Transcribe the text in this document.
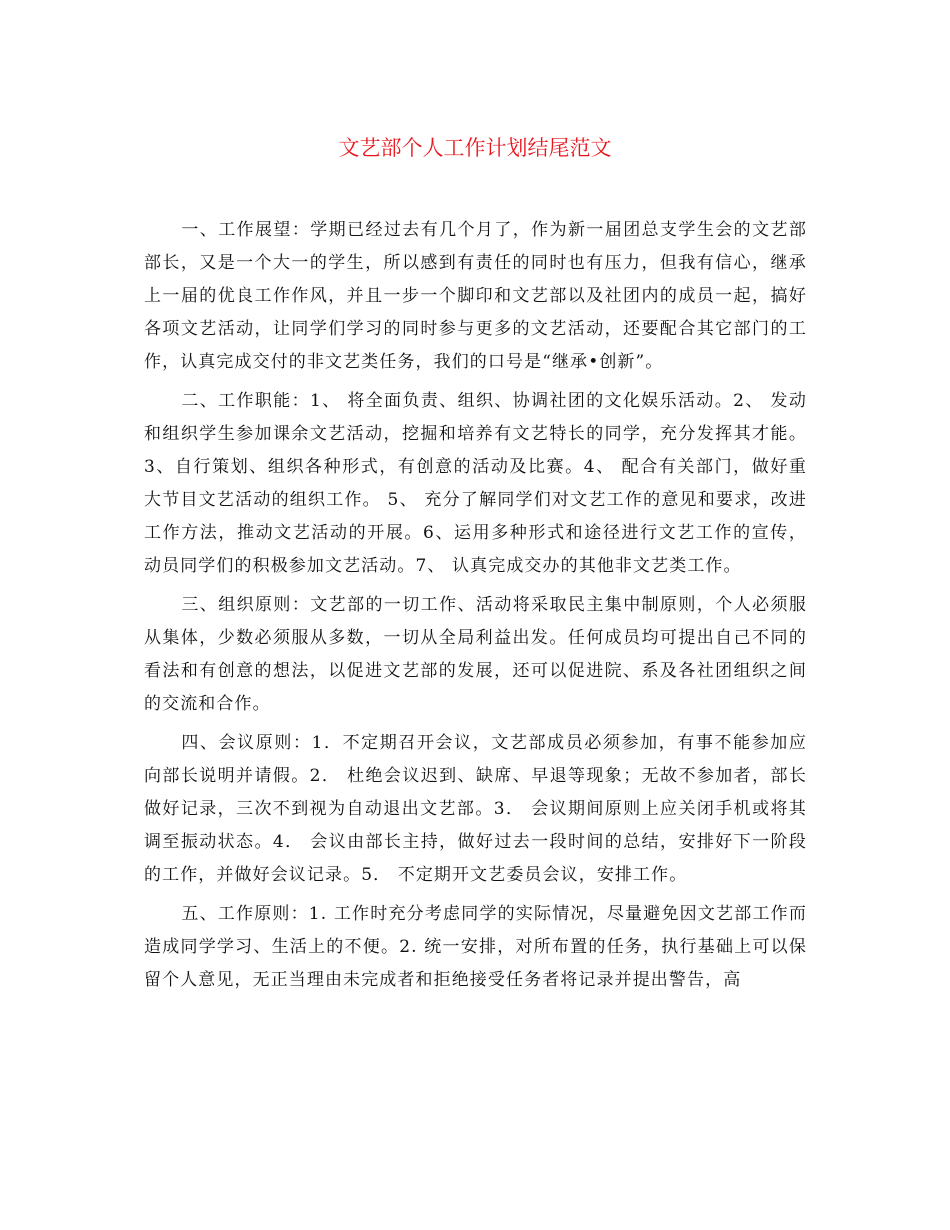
文艺部个人工作计划结尾范文

一、工作展望：学期已经过去有几个月了，作为新一届团总支学生会的文艺部部长，又是一个大一的学生，所以感到有责任的同时也有压力，但我有信心，继承上一届的优良工作作风，并且一步一个脚印和文艺部以及社团内的成员一起，搞好各项文艺活动，让同学们学习的同时参与更多的文艺活动，还要配合其它部门的工作，认真完成交付的非文艺类任务，我们的口号是“继承•创新”。

二、工作职能：1、 将全面负责、组织、协调社团的文化娱乐活动。2、 发动和组织学生参加课余文艺活动，挖掘和培养有文艺特长的同学，充分发挥其才能。3、自行策划、组织各种形式，有创意的活动及比赛。4、 配合有关部门，做好重大节目文艺活动的组织工作。 5、 充分了解同学们对文艺工作的意见和要求，改进工作方法，推动文艺活动的开展。6、运用多种形式和途径进行文艺工作的宣传，动员同学们的积极参加文艺活动。7、 认真完成交办的其他非文艺类工作。

三、组织原则：文艺部的一切工作、活动将采取民主集中制原则，个人必须服从集体，少数必须服从多数，一切从全局利益出发。任何成员均可提出自己不同的看法和有创意的想法，以促进文艺部的发展，还可以促进院、系及各社团组织之间的交流和合作。

四、会议原则：1．不定期召开会议，文艺部成员必须参加，有事不能参加应向部长说明并请假。2． 杜绝会议迟到、缺席、早退等现象；无故不参加者，部长做好记录，三次不到视为自动退出文艺部。3． 会议期间原则上应关闭手机或将其调至振动状态。4． 会议由部长主持，做好过去一段时间的总结，安排好下一阶段的工作，并做好会议记录。5． 不定期开文艺委员会议，安排工作。

五、工作原则：1. 工作时充分考虑同学的实际情况，尽量避免因文艺部工作而造成同学学习、生活上的不便。2. 统一安排，对所布置的任务，执行基础上可以保留个人意见，无正当理由未完成者和拒绝接受任务者将记录并提出警告，高
